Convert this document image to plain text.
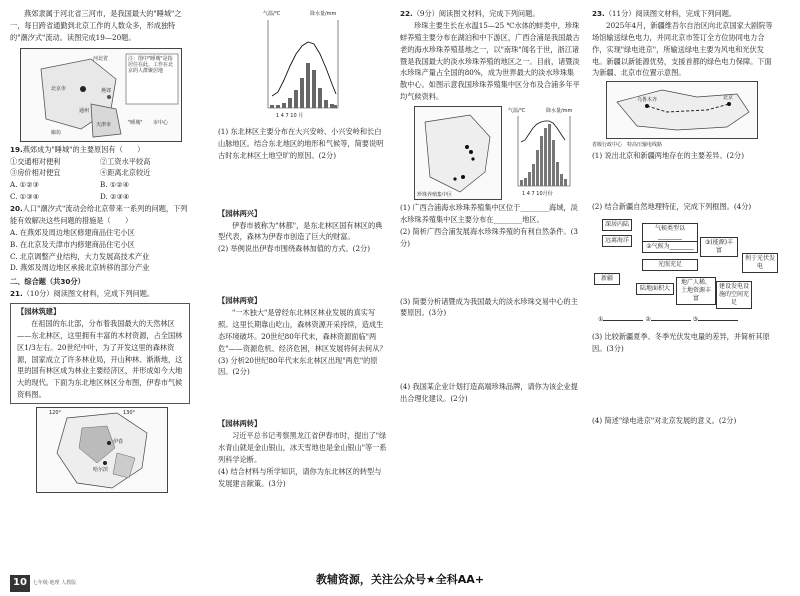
燕郊隶属于河北省三河市，是我国最大的"睡城"之一，每日跨省通勤到北京工作的人数众多，形成独特的"潮汐式"流动。读图完成19—20题。

河北省
北京市	燕郊
天津市
通州
廊坊
注：图中"睡城"是指居住在此、工作在北京的人群聚居地
"睡城" 市中心

19.燕郊成为"睡城"的主要原因有（　　）

①交通相对便利	②工资水平较高
③房价相对便宜	④距离北京较近
A. ①②③	B. ①②④
C. ①③④	D. ②③④

20.人口"潮汐式"流动会给北京带来一系列的问题，下列能有效解决这些问题的措施是（　　）

A. 在燕郊及周边地区修建商品住宅小区

B. 在北京及天津市内修建商品住宅小区

C. 北京调整产业结构，大力发展高技术产业

D. 燕郊及周边地区承接北京转移的部分产业

二、综合题（共30分）

21.（10分）阅读图文材料，完成下列问题。

【园林筑建】

在祖国的东北部，分布着我国最大的天然林区——东北林区，这里拥有丰富的木材资源，占全国林区1/3左右。20世纪中叶，为了开发这里的森林资源，国家成立了许多林业局，开山种林、渐渐地，这里的国有林区成为林业主要经济区，并形成如今大地大的现代。下面为东北地区林区分布图，伊春市气候资料图。

120°	130°
哈尔滨
伊春
气温/℃	降水量/mm
1 4 7 10 月

(1) 东北林区主要分布在大兴安岭、小兴安岭和长白山脉地区。结合东北地区的地形和气候等，简要说明古时东北林区土地空旷的原因。(2分)

【园林两兴】

伊春市被称为"林都"，是东北林区国有林区的典型代表，森林为伊春市创造了巨大的财富。

(2) 举例说出伊春市围绕森林加值的方式。(2分)

【园林两衰】

"一木独大"是曾经东北林区林业发展的真实写照。这里长期靠山吃山，森林资源开采持续，造成生态环境破坏。20世纪80年代末，森林资源面临"两危"——资源危机、经济危困，林区发展将何去何从？

(3) 分析20世纪80年代末东北林区出现"两危"的原因。(2分)

【园林两转】

习近平总书记考察黑龙江省伊春市时，提出了"绿水青山就是金山银山，冰天雪地也是金山银山"等一系列科学论断。

(4) 结合材料与所学知识，请你为东北林区的转型与发展建言献策。(3分)

22.（9分）阅读图文材料，完成下列问题。

珍珠主要生长在水温15—25 ℃水体的蚌类中，珍珠蚌养殖主要分布在湖泊和中下游区，广西合浦是我国最古老的海水珍珠养殖基地之一，以"南珠"闻名于世，浙江诸暨是我国最大的淡水珍珠养殖的地区之一。目前，诸暨淡水珍珠产量占全国的80%，成为世界最大的淡水珍珠集散中心。如图示意我国珍珠养殖集中区分布及合浦多年平均气候资料。

珍珠养殖集中区
气温/℃	降水量/mm
1 4 7 10月份

(1) 广西合浦海水珍珠养殖集中区位于________海域，淡水珍珠养殖集中区主要分布在________地区。

(2) 简析广西合浦发展海水珍珠养殖的有利自然条件。(3分)

(3) 简要分析诸暨成为我国最大的淡水珍珠交易中心的主要原因。(3分)

(4) 我国某企业计划打造高端珍珠品牌，请你为该企业提出合理化建议。(2分)

23.（11分）阅读图文材料，完成下列问题。

2025年4月，新疆维吾尔自治区向北京国家大剧院等场馆输送绿色电力，并同北京市签订全方位协同电力合作，实现"绿电进京"，所输送绿电主要为风电和光伏发电。新疆以新能源优势，支援首都的绿色电力保障。下面为新疆、北京市位置示意图。

乌鲁木齐	北京

省级行政中心　特高压输电线路

(1) 说出北京和新疆两地存在的主要差异。(2分)

(2) 结合新疆自然地理特征，完成下列框图。(4分)

深居内陆
远离海洋
新疆
气候类型以________
②气候为________
光照充足
③(能源)丰富
陆地面积大
地广人稀，土地资源丰富
利于光伏发电
建设发电设施的空间充足
①	②	③

(3) 比较新疆夏季、冬季光伏发电量的差异，并简析其原因。(3分)

(4) 简述"绿电进京"对北京发展的意义。(2分)

10	七年级·地理 人教版	教辅资源，关注公众号★全科AA+
